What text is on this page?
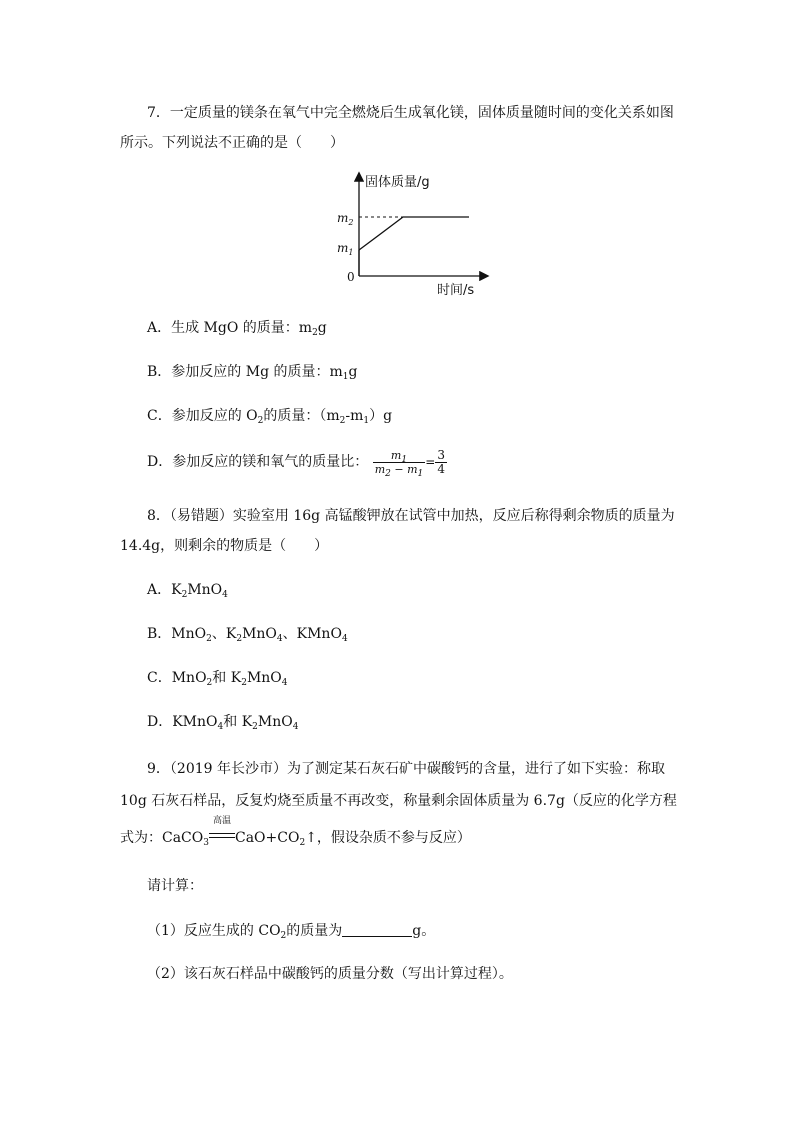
7．一定质量的镁条在氧气中完全燃烧后生成氧化镁，固体质量随时间的变化关系如图
所示。下列说法不正确的是（　　）
固体质量/g
时间/s
0
$m_2$
$m_1$
A．生成 MgO 的质量：$m_2g$
B．参加反应的 Mg 的质量：$m_1g$
C．参加反应的 $O_2$的质量：$(m_2-m_1)g$
D．参加反应的镁和氧气的质量比： $\frac{m_1}{m_2 - m_1} = \frac{3}{4}$
8．（易错题）实验室用 16g 高锰酸钾放在试管中加热，反应后称得剩余物质的质量为
14.4g，则剩余的物质是（　　）
A．$K_2MnO_4$
B．MnO$_2$、$K_2MnO_4$、KMnO$_4$
C．MnO$_2$和 $K_2MnO_4$
D．KMnO$_4$和 $K_2MnO_4$
9．（2019 年长沙市）为了测定某石灰石矿中碳酸钙的含量，进行了如下实验：称取
10g 石灰石样品，反复灼烧至质量不再改变，称量剩余固体质量为 6.7g（反应的化学方程
式为：CaCO$_3$
高温
$CaO+CO_2↑$，假设杂质不参与反应）
请计算：
（1）反应生成的 $CO_2$的质量为	g。
（2）该石灰石样品中碳酸钙的质量分数（写出计算过程）。
